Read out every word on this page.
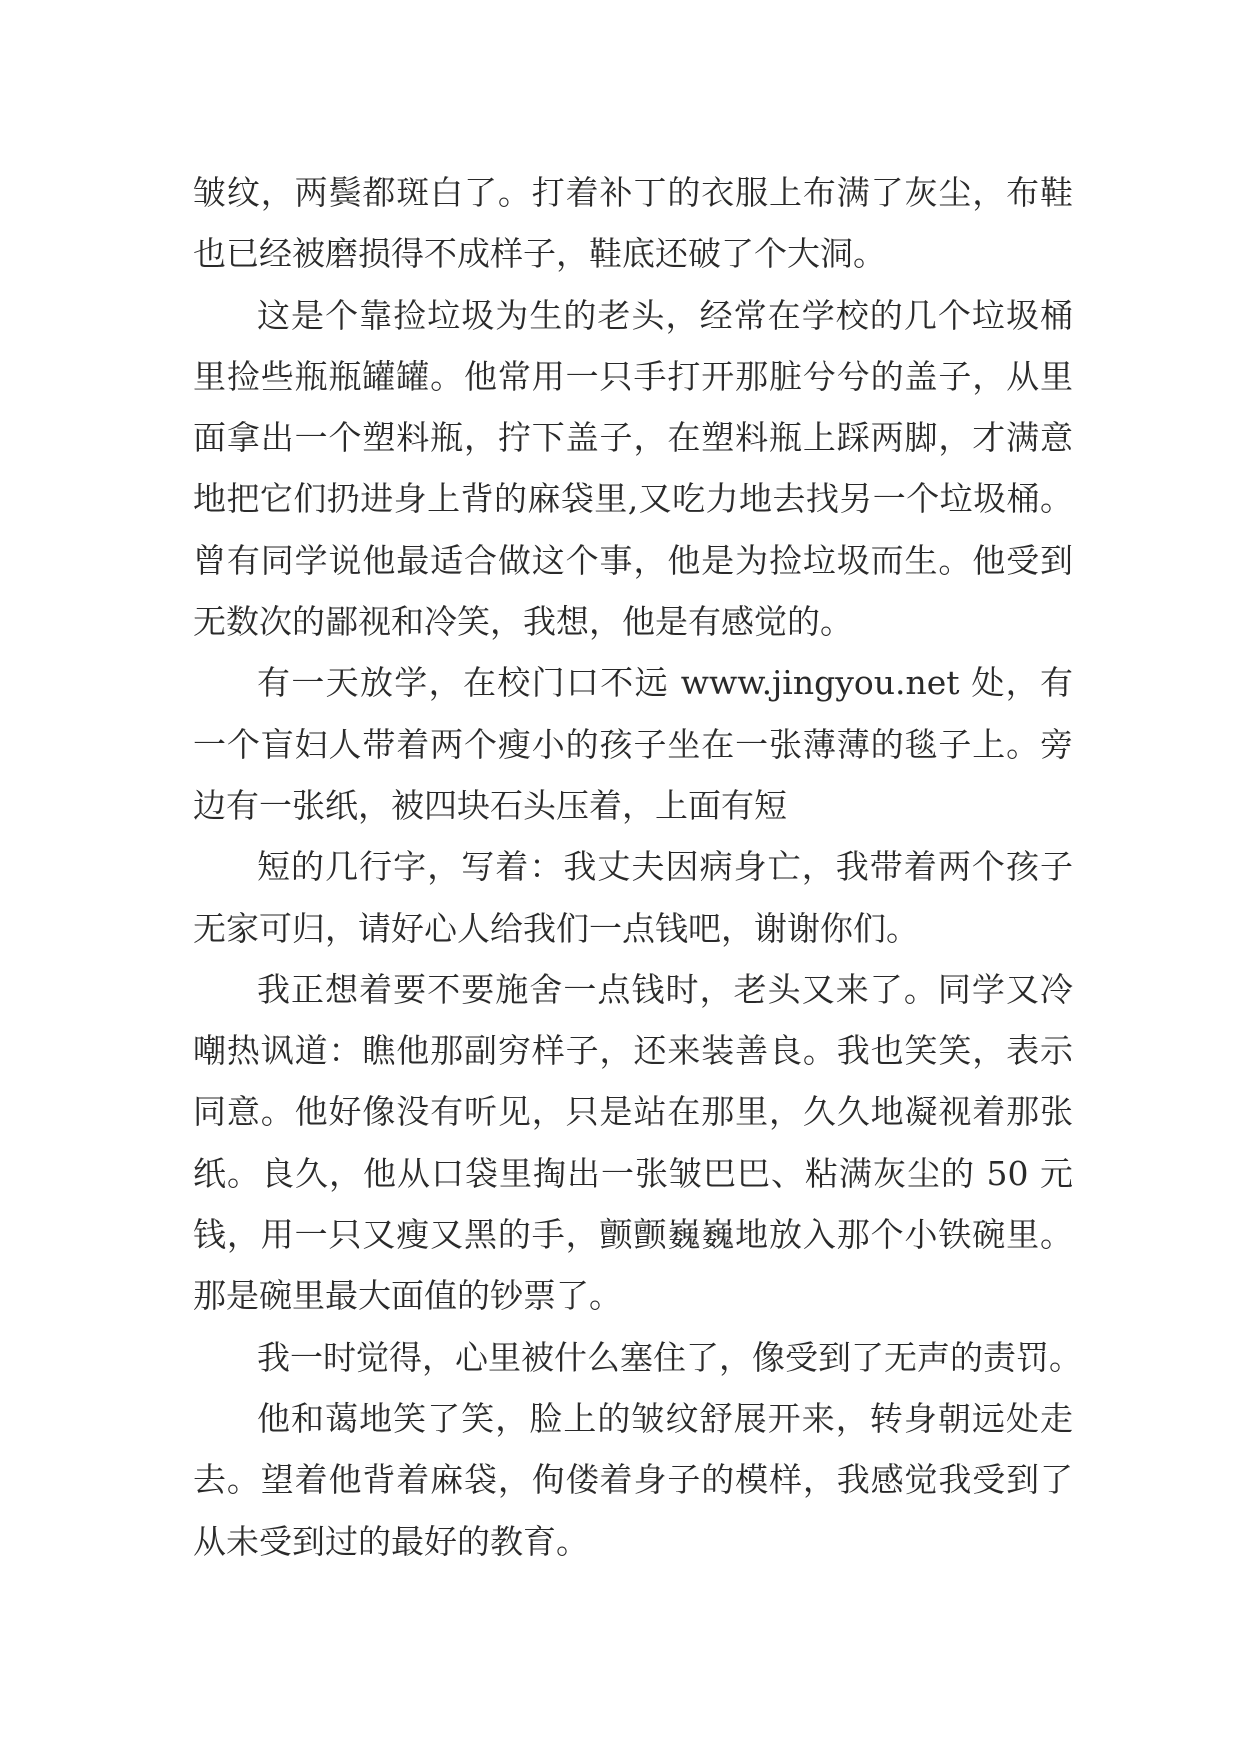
皱纹，两鬓都斑白了。打着补丁的衣服上布满了灰尘，布鞋
也已经被磨损得不成样子，鞋底还破了个大洞。
这是个靠捡垃圾为生的老头，经常在学校的几个垃圾桶
里捡些瓶瓶罐罐。他常用一只手打开那脏兮兮的盖子，从里
面拿出一个塑料瓶，拧下盖子，在塑料瓶上踩两脚，才满意
地把它们扔进身上背的麻袋里,又吃力地去找另一个垃圾桶。
曾有同学说他最适合做这个事，他是为捡垃圾而生。他受到
无数次的鄙视和冷笑，我想，他是有感觉的。
有一天放学，在校门口不远 www.jingyou.net 处，有
一个盲妇人带着两个瘦小的孩子坐在一张薄薄的毯子上。旁
边有一张纸，被四块石头压着，上面有短
短的几行字，写着：我丈夫因病身亡，我带着两个孩子
无家可归，请好心人给我们一点钱吧，谢谢你们。
我正想着要不要施舍一点钱时，老头又来了。同学又冷
嘲热讽道：瞧他那副穷样子，还来装善良。我也笑笑，表示
同意。他好像没有听见，只是站在那里，久久地凝视着那张
纸。良久，他从口袋里掏出一张皱巴巴、粘满灰尘的 50 元
钱，用一只又瘦又黑的手，颤颤巍巍地放入那个小铁碗里。
那是碗里最大面值的钞票了。
我一时觉得，心里被什么塞住了，像受到了无声的责罚。
他和蔼地笑了笑，脸上的皱纹舒展开来，转身朝远处走
去。望着他背着麻袋，佝偻着身子的模样，我感觉我受到了
从未受到过的最好的教育。
